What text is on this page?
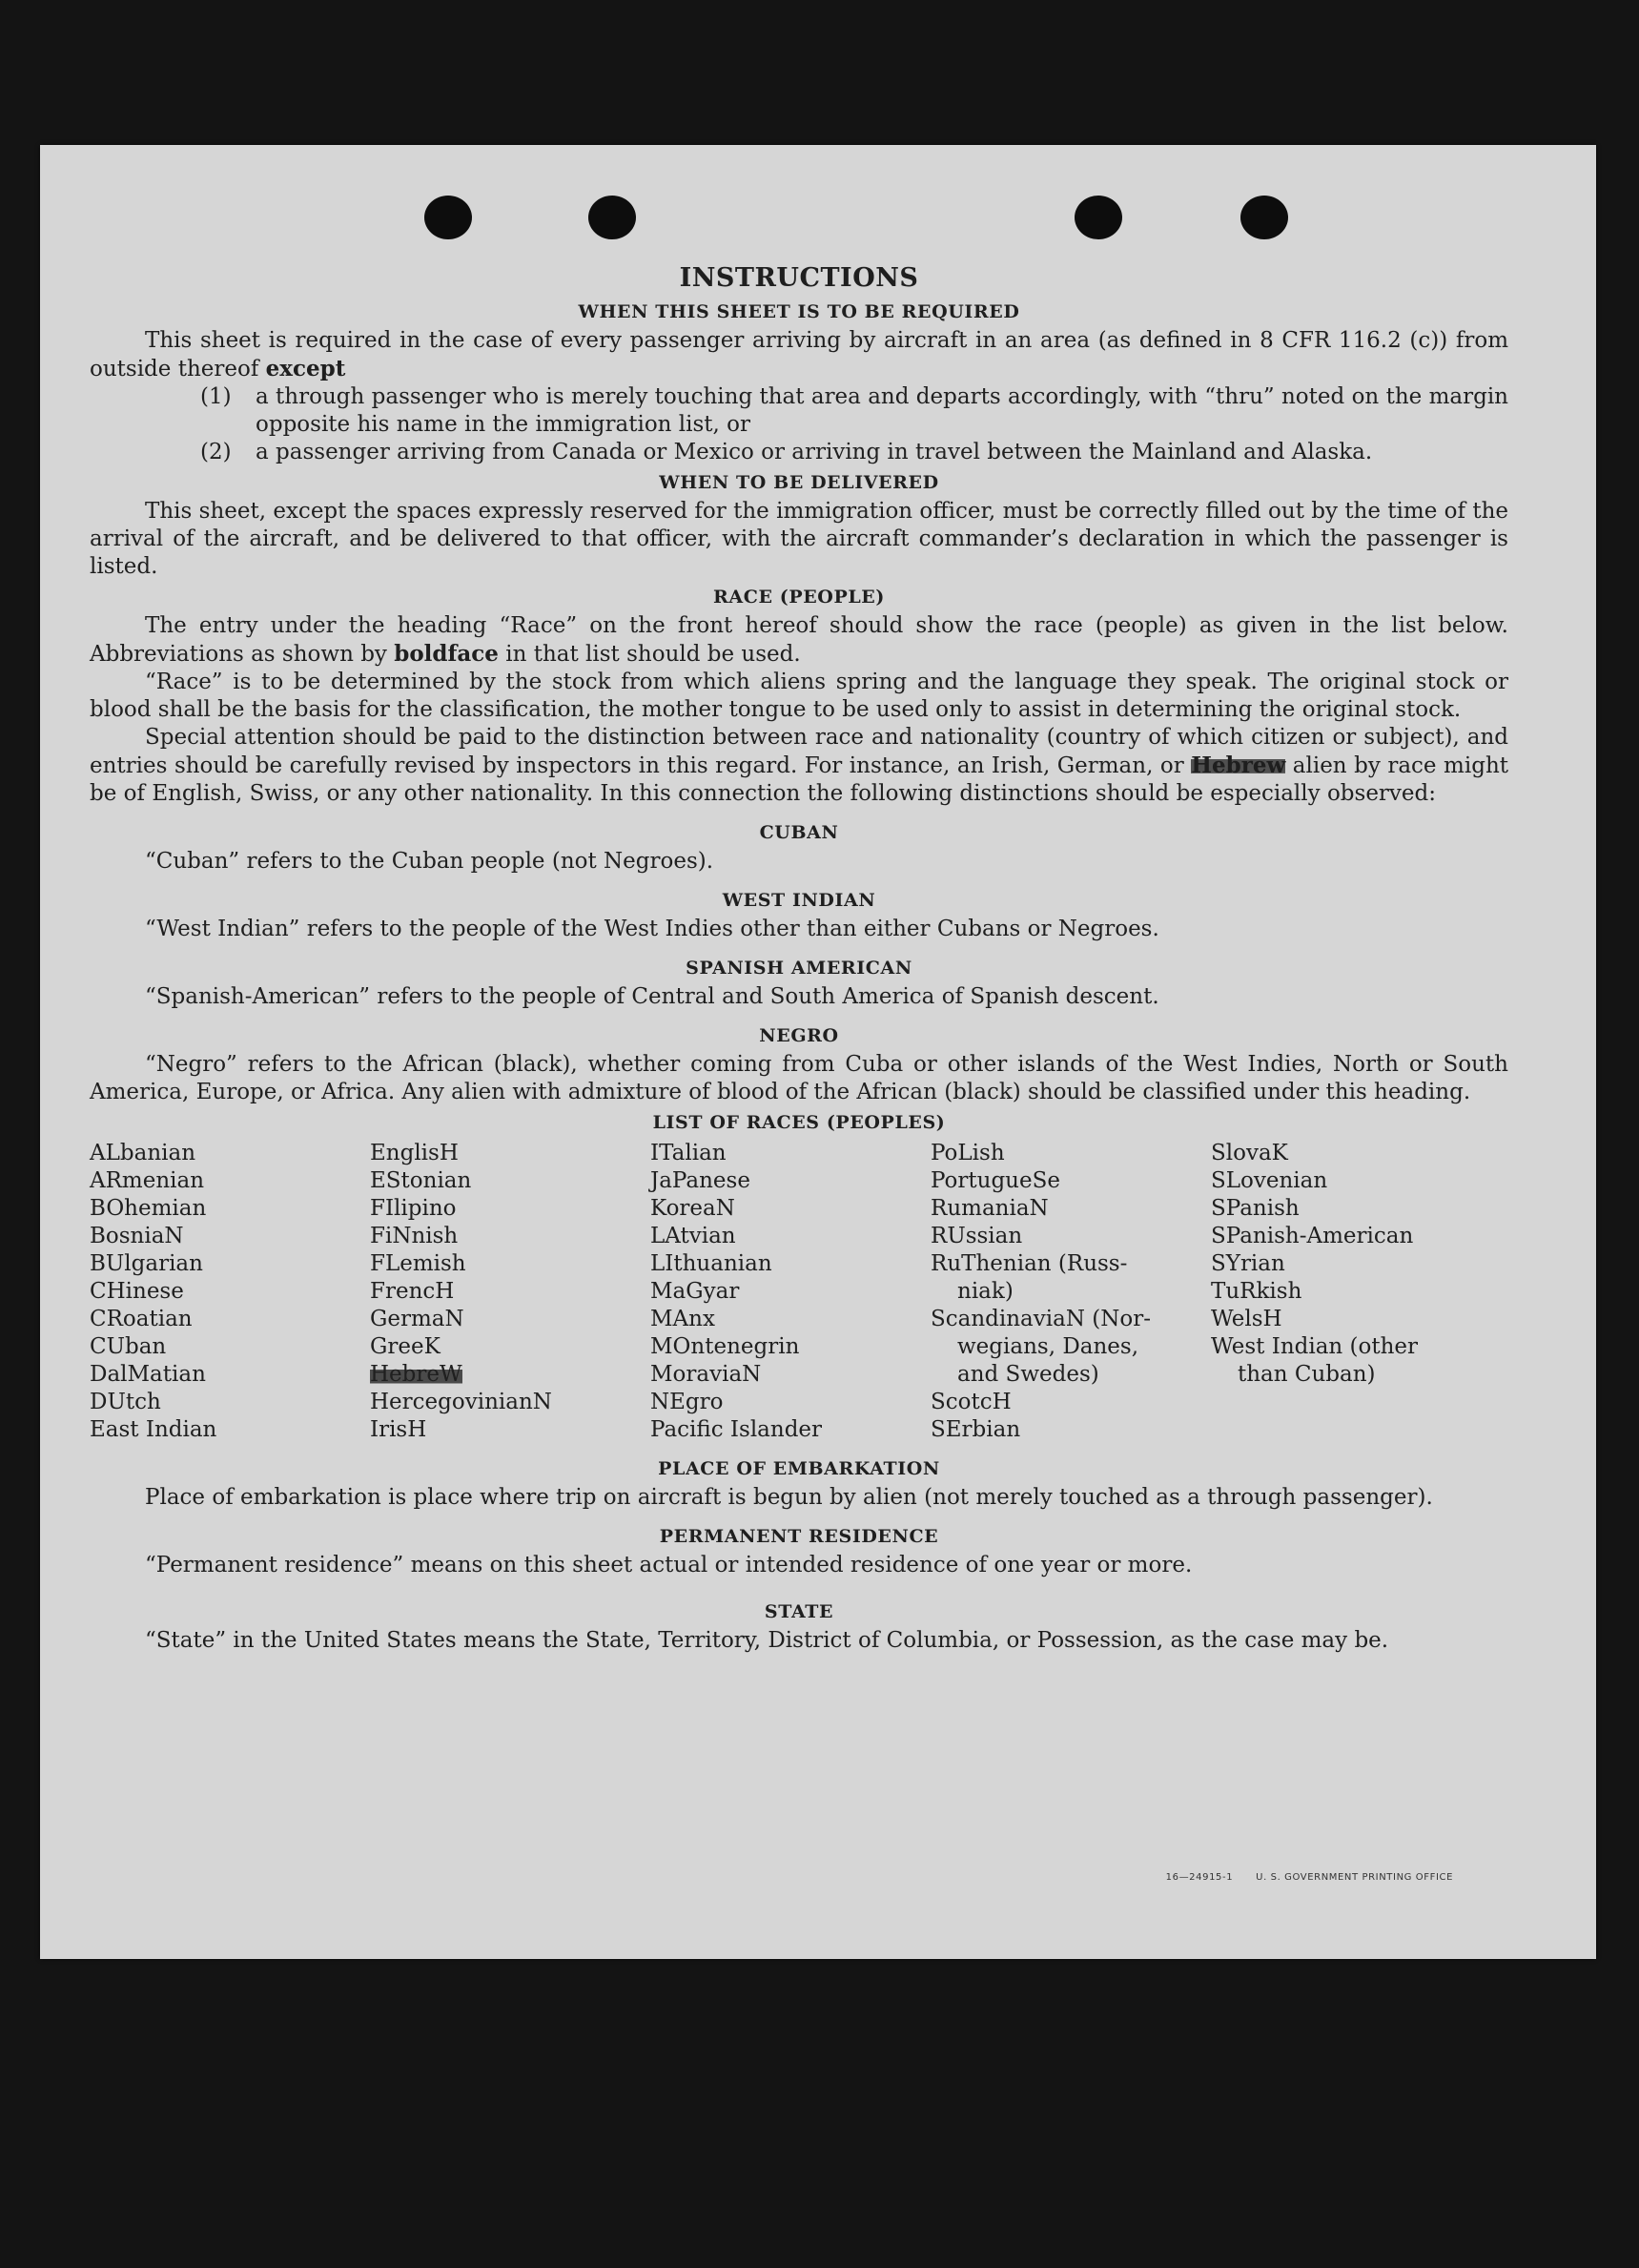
INSTRUCTIONS
WHEN THIS SHEET IS TO BE REQUIRED

This sheet is required in the case of every passenger arriving by aircraft in an area (as defined in 8 CFR 116.2 (c)) from outside thereof except

(1)	a through passenger who is merely touching that area and departs accordingly, with “thru” noted on the margin opposite his name in the immigration list, or
(2)	a passenger arriving from Canada or Mexico or arriving in travel between the Mainland and Alaska.
WHEN TO BE DELIVERED

This sheet, except the spaces expressly reserved for the immigration officer, must be correctly filled out by the time of the arrival of the aircraft, and be delivered to that officer, with the aircraft commander’s declaration in which the passenger is listed.

RACE (PEOPLE)

The entry under the heading “Race” on the front hereof should show the race (people) as given in the list below. Abbreviations as shown by boldface in that list should be used.

“Race” is to be determined by the stock from which aliens spring and the language they speak. The original stock or blood shall be the basis for the classification, the mother tongue to be used only to assist in determining the original stock.

Special attention should be paid to the distinction between race and nationality (country of which citizen or subject), and entries should be carefully revised by inspectors in this regard. For instance, an Irish, German, or Hebrew alien by race might be of English, Swiss, or any other nationality. In this connection the following distinctions should be especially observed:

CUBAN

“Cuban” refers to the Cuban people (not Negroes).

WEST INDIAN

“West Indian” refers to the people of the West Indies other than either Cubans or Negroes.

SPANISH AMERICAN

“Spanish-American” refers to the people of Central and South America of Spanish descent.

NEGRO

“Negro” refers to the African (black), whether coming from Cuba or other islands of the West Indies, North or South America, Europe, or Africa. Any alien with admixture of blood of the African (black) should be classified under this heading.

LIST OF RACES (PEOPLES)
ALbanian
ARmenian
BOhemian
BosniaN
BUlgarian
CHinese
CRoatian
CUban
DalMatian
DUtch
East Indian
EnglisH
EStonian
FIlipino
FiNnish
FLemish
FrencH
GermaN
GreeK
HebreW
HercegovinianN
IrisH
ITalian
JaPanese
KoreaN
LAtvian
LIthuanian
MaGyar
MAnx
MOntenegrin
MoraviaN
NEgro
Pacific Islander
PoLish
PortugueSe
RumaniaN
RUssian
RuThenian (Russ-
niak)
ScandinaviaN (Nor-
wegians, Danes,
and Swedes)
ScotcH
SErbian
SlovaK
SLovenian
SPanish
SPanish-American
SYrian
TuRkish
WelsH
West Indian (other
than Cuban)
PLACE OF EMBARKATION

Place of embarkation is place where trip on aircraft is begun by alien (not merely touched as a through passenger).

PERMANENT RESIDENCE

“Permanent residence” means on this sheet actual or intended residence of one year or more.

STATE

“State” in the United States means the State, Territory, District of Columbia, or Possession, as the case may be.

16—24915-1 U. S. GOVERNMENT PRINTING OFFICE
